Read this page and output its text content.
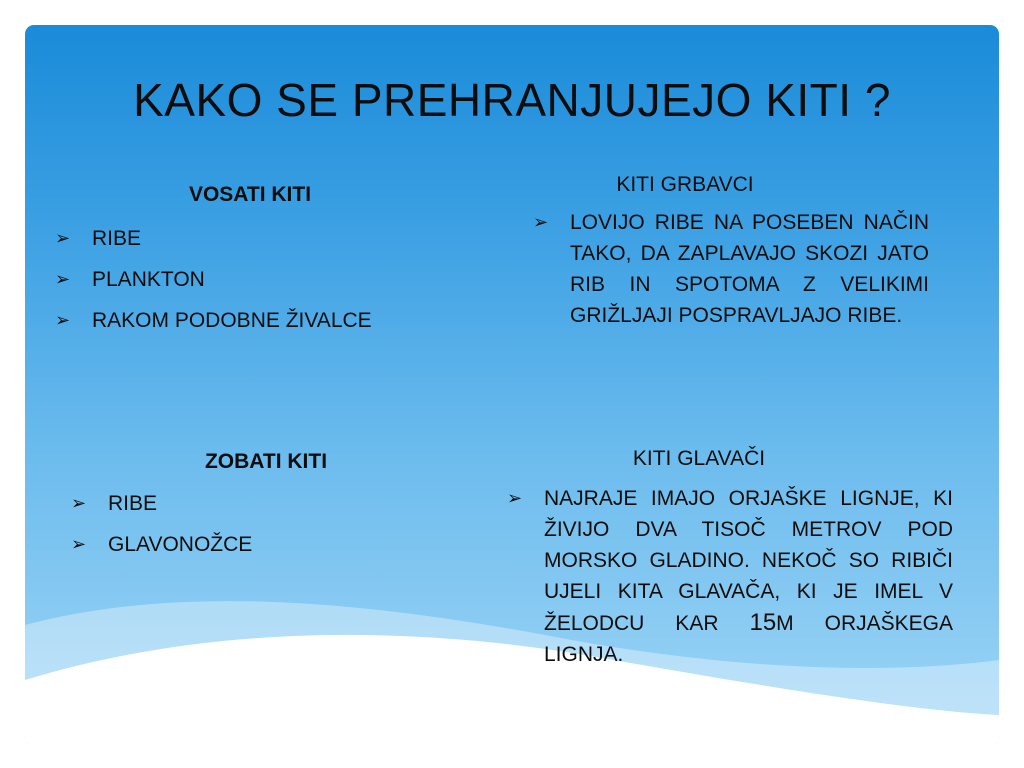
KAKO SE PREHRANJUJEJO KITI ?

VOSATI KITI

➢ RIBE
➢ PLANKTON
➢ RAKOM PODOBNE ŽIVALCE

KITI GRBAVCI

➢ LOVIJO RIBE NA POSEBEN NAČIN TAKO, DA ZAPLAVAJO SKOZI JATO RIB IN SPOTOMA Z VELIKIMI GRIŽLJAJI POSPRAVLJAJO RIBE.

ZOBATI KITI

➢ RIBE
➢ GLAVONOŽCE

KITI GLAVAČI

➢ NAJRAJE IMAJO ORJAŠKE LIGNJE, KI ŽIVIJO DVA TISOČ METROV POD MORSKO GLADINO. NEKOČ SO RIBIČI UJELI KITA GLAVAČA, KI JE IMEL V ŽELODCU KAR 15M ORJAŠKEGA LIGNJA.
